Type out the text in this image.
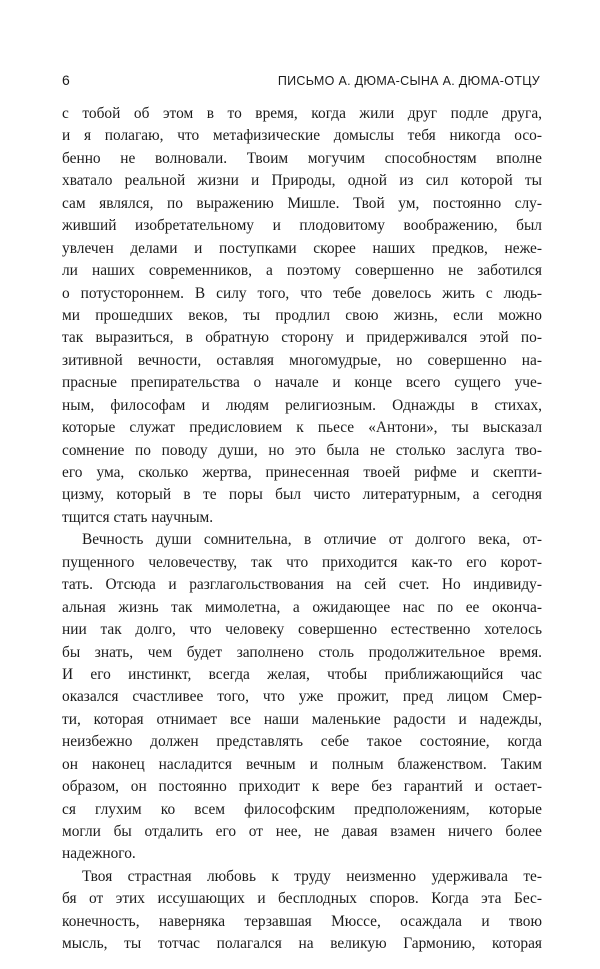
6	ПИСЬМО А. ДЮМА-СЫНА А. ДЮМА-ОТЦУ
с тобой об этом в то время, когда жили друг подле друга,
и я полагаю, что метафизические домыслы тебя никогда осо-
бенно не волновали. Твоим могучим способностям вполне
хватало реальной жизни и Природы, одной из сил которой ты
сам являлся, по выражению Мишле. Твой ум, постоянно слу-
живший изобретательному и плодовитому воображению, был
увлечен делами и поступками скорее наших предков, неже-
ли наших современников, а поэтому совершенно не заботился
о потустороннем. В силу того, что тебе довелось жить с людь-
ми прошедших веков, ты продлил свою жизнь, если можно
так выразиться, в обратную сторону и придерживался этой по-
зитивной вечности, оставляя многомудрые, но совершенно на-
прасные препирательства о начале и конце всего сущего уче-
ным, философам и людям религиозным. Однажды в стихах,
которые служат предисловием к пьесе «Антони», ты высказал
сомнение по поводу души, но это была не столько заслуга тво-
его ума, сколько жертва, принесенная твоей рифме и скепти-
цизму, который в те поры был чисто литературным, а сегодня
тщится стать научным.
Вечность души сомнительна, в отличие от долгого века, от-
пущенного человечеству, так что приходится как-то его корот-
тать. Отсюда и разглагольствования на сей счет. Но индивиду-
альная жизнь так мимолетна, а ожидающее нас по ее окончa-
нии так долго, что человеку совершенно естественно хотелось
бы знать, чем будет заполнено столь продолжительное время.
И его инстинкт, всегда желая, чтобы приближающийся час
оказался счастливее того, что уже прожит, пред лицом Смер-
ти, которая отнимает все наши маленькие радости и надежды,
неизбежно должен представлять себе такое состояние, когда
он наконец насладится вечным и полным блаженством. Таким
образом, он постоянно приходит к вере без гарантий и остает-
ся глухим ко всем философским предположениям, которые
могли бы отдалить его от нее, не давая взамен ничего более
надежного.
Твоя страстная любовь к труду неизменно удерживала те-
бя от этих иссушающих и бесплодных споров. Когда эта Бес-
конечность, наверняка терзавшая Мюссе, осаждала и твою
мысль, ты тотчас полагался на великую Гармонию, которая
